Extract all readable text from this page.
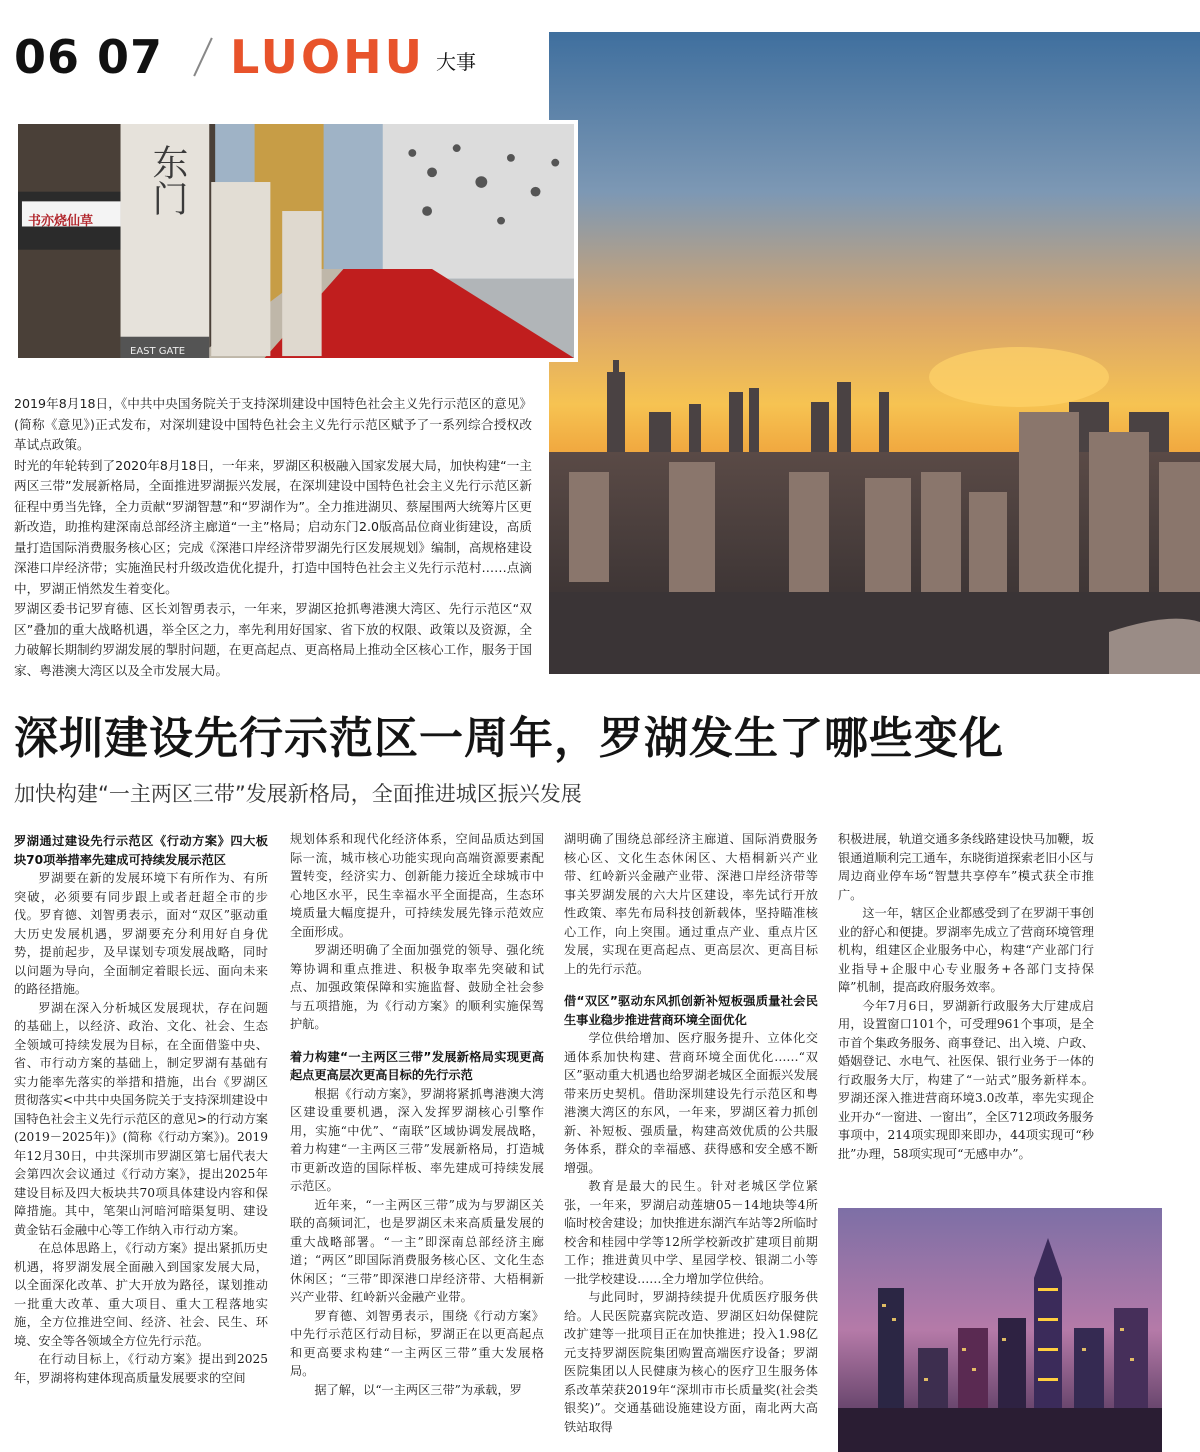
06 07 LUOHU 大事
东门
EAST GATE
书亦烧仙草

2019年8月18日，《中共中央国务院关于支持深圳建设中国特色社会主义先行示范区的意见》(简称《意见》)正式发布，对深圳建设中国特色社会主义先行示范区赋予了一系列综合授权改革试点政策。

时光的年轮转到了2020年8月18日，一年来，罗湖区积极融入国家发展大局，加快构建“一主两区三带”发展新格局，全面推进罗湖振兴发展，在深圳建设中国特色社会主义先行示范区新征程中勇当先锋，全力贡献“罗湖智慧”和“罗湖作为”。全力推进湖贝、蔡屋围两大统筹片区更新改造，助推构建深南总部经济主廊道“一主”格局；启动东门2.0版高品位商业街建设，高质量打造国际消费服务核心区；完成《深港口岸经济带罗湖先行区发展规划》编制，高规格建设深港口岸经济带；实施渔民村升级改造优化提升，打造中国特色社会主义先行示范村……点滴中，罗湖正悄然发生着变化。

罗湖区委书记罗育德、区长刘智勇表示，一年来，罗湖区抢抓粤港澳大湾区、先行示范区“双区”叠加的重大战略机遇，举全区之力，率先利用好国家、省下放的权限、政策以及资源，全力破解长期制约罗湖发展的掣肘问题，在更高起点、更高格局上推动全区核心工作，服务于国家、粤港澳大湾区以及全市发展大局。

深圳建设先行示范区一周年，罗湖发生了哪些变化
加快构建“一主两区三带”发展新格局，全面推进城区振兴发展
罗湖通过建设先行示范区《行动方案》四大板块70项举措率先建成可持续发展示范区

罗湖要在新的发展环境下有所作为、有所突破，必须要有同步跟上或者赶超全市的步伐。罗育德、刘智勇表示，面对“双区”驱动重大历史发展机遇，罗湖要充分利用好自身优势，提前起步，及早谋划专项发展战略，同时以问题为导向，全面制定着眼长远、面向未来的路径措施。

罗湖在深入分析城区发展现状，存在问题的基础上，以经济、政治、文化、社会、生态全领域可持续发展为目标，在全面借鉴中央、省、市行动方案的基础上，制定罗湖有基础有实力能率先落实的举措和措施，出台《罗湖区贯彻落实<中共中央国务院关于支持深圳建设中国特色社会主义先行示范区的意见>的行动方案(2019－2025年)》(简称《行动方案》)。2019年12月30日，中共深圳市罗湖区第七届代表大会第四次会议通过《行动方案》，提出2025年建设目标及四大板块共70项具体建设内容和保障措施。其中，笔架山河暗河暗渠复明、建设黄金钻石金融中心等工作纳入市行动方案。

在总体思路上，《行动方案》提出紧抓历史机遇，将罗湖发展全面融入到国家发展大局，以全面深化改革、扩大开放为路径，谋划推动一批重大改革、重大项目、重大工程落地实施，全方位推进空间、经济、社会、民生、环境、安全等各领域全方位先行示范。

在行动目标上，《行动方案》提出到2025年，罗湖将构建体现高质量发展要求的空间

规划体系和现代化经济体系，空间品质达到国际一流，城市核心功能实现向高端资源要素配置转变，经济实力、创新能力接近全球城市中心地区水平，民生幸福水平全面提高，生态环境质量大幅度提升，可持续发展先锋示范效应全面形成。

罗湖还明确了全面加强党的领导、强化统筹协调和重点推进、积极争取率先突破和试点、加强政策保障和实施监督、鼓励全社会参与五项措施，为《行动方案》的顺利实施保驾护航。

着力构建“一主两区三带”发展新格局实现更高起点更高层次更高目标的先行示范

根据《行动方案》，罗湖将紧抓粤港澳大湾区建设重要机遇，深入发挥罗湖核心引擎作用，实施“中优”、“南联”区域协调发展战略，着力构建“一主两区三带”发展新格局，打造城市更新改造的国际样板、率先建成可持续发展示范区。

近年来，“一主两区三带”成为与罗湖区关联的高频词汇，也是罗湖区未来高质量发展的重大战略部署。“一主”即深南总部经济主廊道；“两区”即国际消费服务核心区、文化生态休闲区；“三带”即深港口岸经济带、大梧桐新兴产业带、红岭新兴金融产业带。

罗育德、刘智勇表示，围绕《行动方案》中先行示范区行动目标，罗湖正在以更高起点和更高要求构建“一主两区三带”重大发展格局。

据了解，以“一主两区三带”为承载，罗

湖明确了围绕总部经济主廊道、国际消费服务核心区、文化生态休闲区、大梧桐新兴产业带、红岭新兴金融产业带、深港口岸经济带等事关罗湖发展的六大片区建设，率先试行开放性政策、率先布局科技创新载体，坚持瞄准核心工作，向上突围。通过重点产业、重点片区发展，实现在更高起点、更高层次、更高目标上的先行示范。

借“双区”驱动东风抓创新补短板强质量社会民生事业稳步推进营商环境全面优化

学位供给增加、医疗服务提升、立体化交通体系加快构建、营商环境全面优化……“双区”驱动重大机遇也给罗湖老城区全面振兴发展带来历史契机。借助深圳建设先行示范区和粤港澳大湾区的东风，一年来，罗湖区着力抓创新、补短板、强质量，构建高效优质的公共服务体系，群众的幸福感、获得感和安全感不断增强。

教育是最大的民生。针对老城区学位紧张，一年来，罗湖启动莲塘05－14地块等4所临时校舍建设；加快推进东湖汽车站等2所临时校舍和桂园中学等12所学校新改扩建项目前期工作；推进黄贝中学、星园学校、银湖二小等一批学校建设……全力增加学位供给。

与此同时，罗湖持续提升优质医疗服务供给。人民医院嘉宾院改造、罗湖区妇幼保健院改扩建等一批项目正在加快推进；投入1.98亿元支持罗湖医院集团购置高端医疗设备；罗湖医院集团以人民健康为核心的医疗卫生服务体系改革荣获2019年“深圳市市长质量奖(社会类银奖)”。交通基础设施建设方面，南北两大高铁站取得

积极进展，轨道交通多条线路建设快马加鞭，坂银通道顺利完工通车，东晓街道探索老旧小区与周边商业停车场“智慧共享停车”模式获全市推广。

这一年，辖区企业都感受到了在罗湖干事创业的舒心和便捷。罗湖率先成立了营商环境管理机构，组建区企业服务中心，构建“产业部门行业指导+企服中心专业服务+各部门支持保障”机制，提高政府服务效率。

今年7月6日，罗湖新行政服务大厅建成启用，设置窗口101个，可受理961个事项，是全市首个集政务服务、商事登记、出入境、户政、婚姻登记、水电气、社医保、银行业务于一体的行政服务大厅，构建了“一站式”服务新样本。罗湖还深入推进营商环境3.0改革，率先实现企业开办“一窗进、一窗出”，全区712项政务服务事项中，214项实现即来即办，44项实现可“秒批”办理，58项实现可“无感申办”。
